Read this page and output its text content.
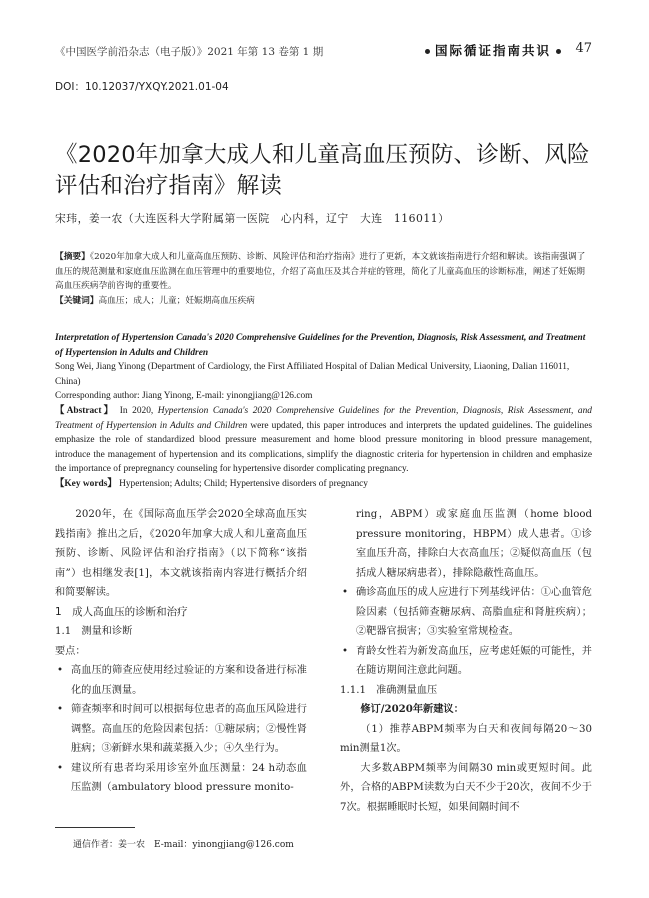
《中国医学前沿杂志（电子版）》2021 年第 13 卷第 1 期	国际循证指南共识	47
DOI：10.12037/YXQY.2021.01-04
《2020年加拿大成人和儿童高血压预防、诊断、风险评估和治疗指南》解读
宋玮，姜一农（大连医科大学附属第一医院　心内科，辽宁　大连　116011）
【摘要】《2020年加拿大成人和儿童高血压预防、诊断、风险评估和治疗指南》进行了更新，本文就该指南进行介绍和解读。该指南强调了血压的规范测量和家庭血压监测在血压管理中的重要地位，介绍了高血压及其合并症的管理，简化了儿童高血压的诊断标准，阐述了妊娠期高血压疾病孕前咨询的重要性。
【关键词】高血压；成人；儿童；妊娠期高血压疾病
Interpretation of Hypertension Canada's 2020 Comprehensive Guidelines for the Prevention, Diagnosis, Risk Assessment, and Treatment of Hypertension in Adults and Children
Song Wei, Jiang Yinong (Department of Cardiology, the First Affiliated Hospital of Dalian Medical University, Liaoning, Dalian 116011, China)
Corresponding author: Jiang Yinong, E-mail: yinongjiang@126.com
【Abstract】 In 2020, Hypertension Canada's 2020 Comprehensive Guidelines for the Prevention, Diagnosis, Risk Assessment, and Treatment of Hypertension in Adults and Children were updated, this paper introduces and interprets the updated guidelines. The guidelines emphasize the role of standardized blood pressure measurement and home blood pressure monitoring in blood pressure management, introduce the management of hypertension and its complications, simplify the diagnostic criteria for hypertension in children and emphasize the importance of prepregnancy counseling for hypertensive disorder complicating pregnancy.
【Key words】 Hypertension; Adults; Child; Hypertensive disorders of pregnancy

2020年，在《国际高血压学会2020全球高血压实践指南》推出之后，《2020年加拿大成人和儿童高血压预防、诊断、风险评估和治疗指南》（以下简称“该指南”）也相继发表[1]，本文就该指南内容进行概括介绍和简要解读。

1　成人高血压的诊断和治疗

1.1　测量和诊断

要点：

• 高血压的筛查应使用经过验证的方案和设备进行标准化的血压测量。
• 筛查频率和时间可以根据每位患者的高血压风险进行调整。高血压的危险因素包括：①糖尿病；②慢性肾脏病；③新鲜水果和蔬菜摄入少；④久坐行为。
• 建议所有患者均采用诊室外血压测量：24 h动态血压监测（ambulatory blood pressure monito-

ring，ABPM）或家庭血压监测（home blood pressure monitoring，HBPM）成人患者。①诊室血压升高，排除白大衣高血压；②疑似高血压（包括成人糖尿病患者），排除隐蔽性高血压。

• 确诊高血压的成人应进行下列基线评估：①心血管危险因素（包括筛查糖尿病、高脂血症和肾脏疾病）；②靶器官损害；③实验室常规检查。
• 育龄女性若为新发高血压，应考虑妊娠的可能性，并在随访期间注意此问题。

1.1.1　准确测量血压

修订/2020年新建议：

（1）推荐ABPM频率为白天和夜间每隔20～30 min测量1次。

大多数ABPM频率为间隔30 min或更短时间。此外，合格的ABPM读数为白天不少于20次，夜间不少于7次。根据睡眠时长短，如果间隔时间不

通信作者：姜一农　E-mail：yinongjiang@126.com
